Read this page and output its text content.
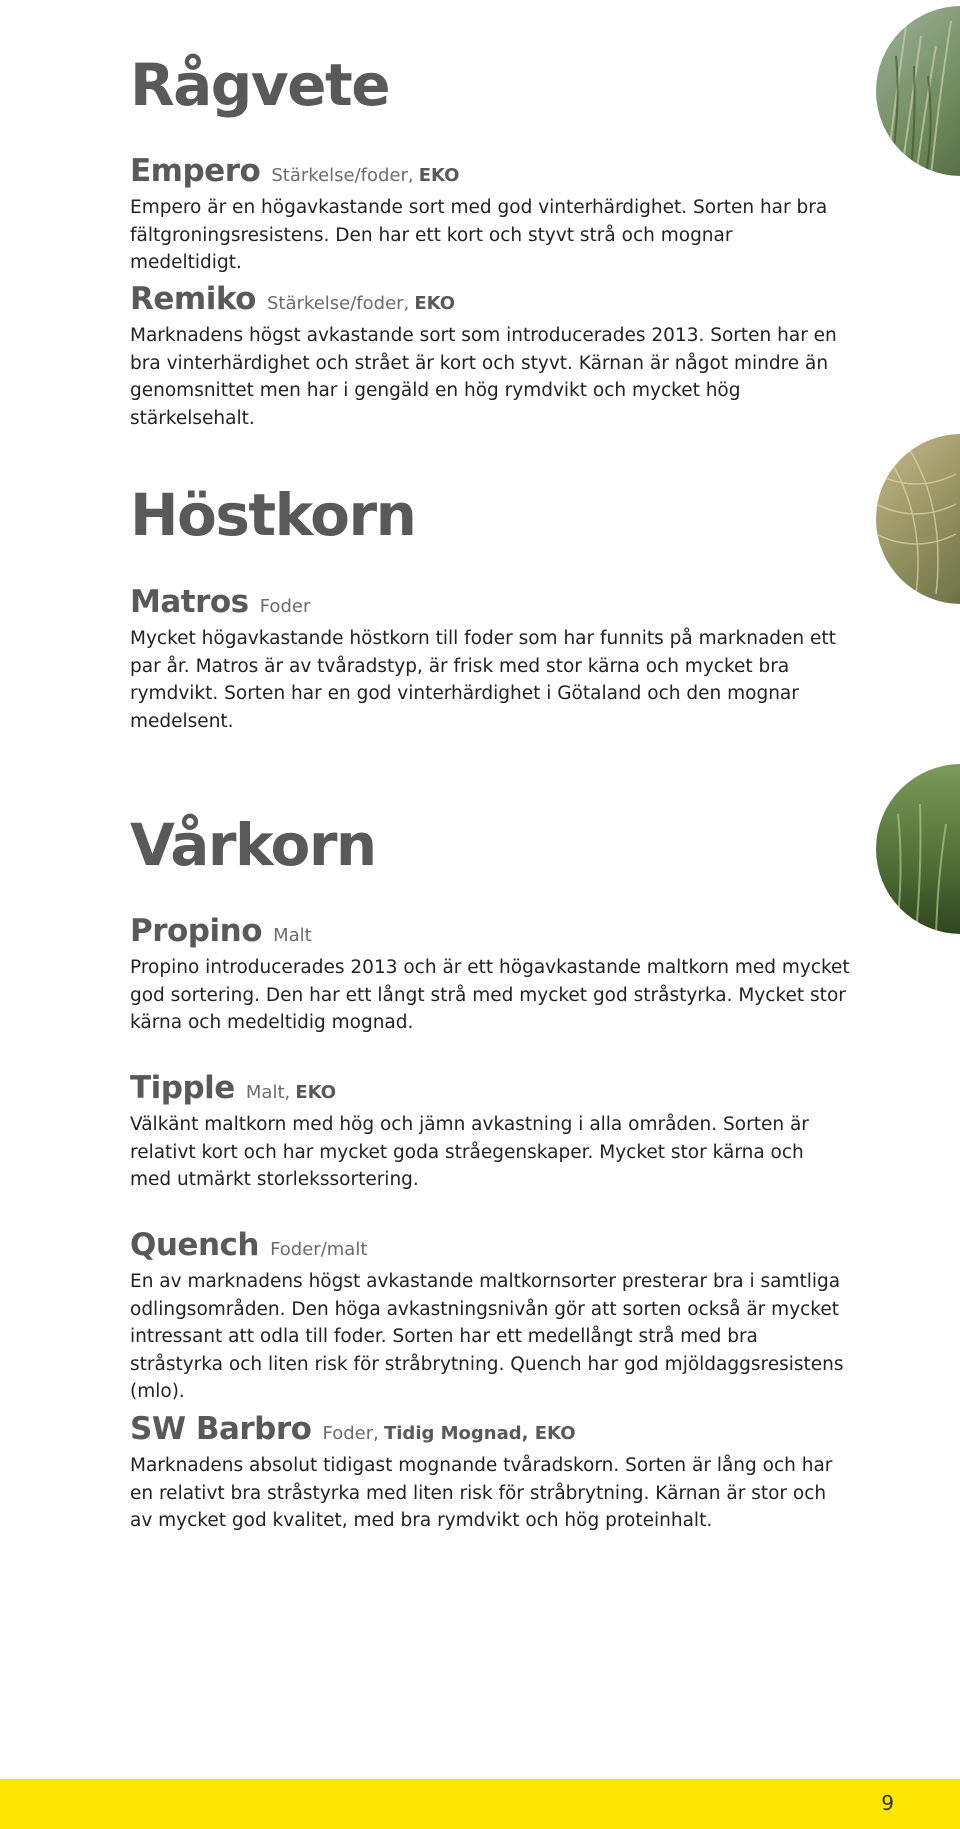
Rågvete
Empero Stärkelse/foder, EKO

Empero är en högavkastande sort med god vinterhärdighet. Sorten har bra fältgroningsresistens. Den har ett kort och styvt strå och mognar medeltidigt.

Remiko Stärkelse/foder, EKO

Marknadens högst avkastande sort som introducerades 2013. Sorten har en bra vinterhärdighet och strået är kort och styvt. Kärnan är något mindre än genomsnittet men har i gengäld en hög rymdvikt och mycket hög stärkelsehalt.

Höstkorn
Matros Foder

Mycket högavkastande höstkorn till foder som har funnits på marknaden ett par år. Matros är av tvåradstyp, är frisk med stor kärna och mycket bra rymdvikt. Sorten har en god vinterhärdighet i Götaland och den mognar medelsent.

Vårkorn
Propino Malt

Propino introducerades 2013 och är ett högavkastande maltkorn med mycket god sortering. Den har ett långt strå med mycket god stråstyrka. Mycket stor kärna och medeltidig mognad.

Tipple Malt, EKO

Välkänt maltkorn med hög och jämn avkastning i alla områden. Sorten är relativt kort och har mycket goda stråegenskaper. Mycket stor kärna och med utmärkt storlekssortering.

Quench Foder/malt

En av marknadens högst avkastande maltkornsorter presterar bra i samtliga odlingsområden. Den höga avkastningsnivån gör att sorten också är mycket intressant att odla till foder. Sorten har ett medellångt strå med bra stråstyrka och liten risk för stråbrytning. Quench har god mjöldaggsresistens (mlo).

SW Barbro Foder, Tidig Mognad, EKO

Marknadens absolut tidigast mognande tvåradskorn. Sorten är lång och har en relativt bra stråstyrka med liten risk för stråbrytning. Kärnan är stor och av mycket god kvalitet, med bra rymdvikt och hög proteinhalt.

9
